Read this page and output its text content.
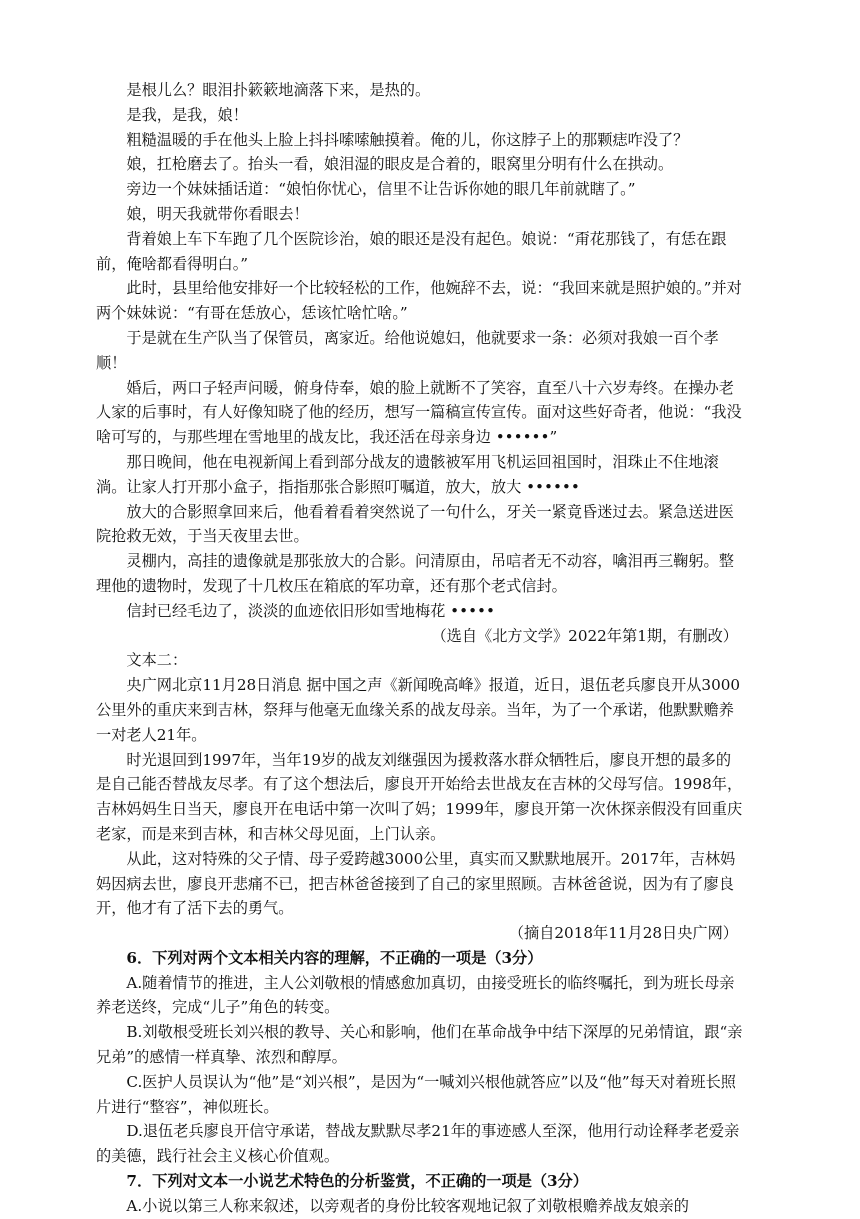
是根儿么？眼泪扑簌簌地滴落下来，是热的。

是我，是我，娘！

粗糙温暖的手在他头上脸上抖抖嗦嗦触摸着。俺的儿，你这脖子上的那颗痣咋没了？

娘，扛枪磨去了。抬头一看，娘泪湿的眼皮是合着的，眼窝里分明有什么在拱动。

旁边一个妹妹插话道：“娘怕你忧心，信里不让告诉你她的眼几年前就瞎了。”

娘，明天我就带你看眼去！

背着娘上车下车跑了几个医院诊治，娘的眼还是没有起色。娘说：“甭花那钱了，有恁在跟前，俺啥都看得明白。”

此时，县里给他安排好一个比较轻松的工作，他婉辞不去，说：“我回来就是照护娘的。”并对两个妹妹说：“有哥在恁放心，恁该忙啥忙啥。”

于是就在生产队当了保管员，离家近。给他说媳妇，他就要求一条：必须对我娘一百个孝顺！

婚后，两口子轻声问暖，俯身侍奉，娘的脸上就断不了笑容，直至八十六岁寿终。在操办老人家的后事时，有人好像知晓了他的经历，想写一篇稿宣传宣传。面对这些好奇者，他说：“我没啥可写的，与那些埋在雪地里的战友比，我还活在母亲身边 ••••••”

那日晚间，他在电视新闻上看到部分战友的遗骸被军用飞机运回祖国时，泪珠止不住地滚淌。让家人打开那小盒子，指指那张合影照叮嘱道，放大，放大 ••••••

放大的合影照拿回来后，他看着看着突然说了一句什么，牙关一紧竟昏迷过去。紧急送进医院抢救无效，于当天夜里去世。

灵棚内，高挂的遗像就是那张放大的合影。问清原由，吊唁者无不动容，噙泪再三鞠躬。整理他的遗物时，发现了十几枚压在箱底的军功章，还有那个老式信封。

信封已经毛边了，淡淡的血迹依旧形如雪地梅花 •••••

（选自《北方文学》2022年第1期，有删改）

文本二：

央广网北京11月28日消息 据中国之声《新闻晚高峰》报道，近日，退伍老兵廖良开从3000公里外的重庆来到吉林，祭拜与他毫无血缘关系的战友母亲。当年，为了一个承诺，他默默赡养一对老人21年。

时光退回到1997年，当年19岁的战友刘继强因为援救落水群众牺牲后，廖良开想的最多的是自己能否替战友尽孝。有了这个想法后，廖良开开始给去世战友在吉林的父母写信。1998年，吉林妈妈生日当天，廖良开在电话中第一次叫了妈；1999年，廖良开第一次休探亲假没有回重庆老家，而是来到吉林，和吉林父母见面，上门认亲。

从此，这对特殊的父子情、母子爱跨越3000公里，真实而又默默地展开。2017年，吉林妈妈因病去世，廖良开悲痛不已，把吉林爸爸接到了自己的家里照顾。吉林爸爸说，因为有了廖良开，他才有了活下去的勇气。

（摘自2018年11月28日央广网）

6．下列对两个文本相关内容的理解，不正确的一项是（3分）

A.随着情节的推进，主人公刘敬根的情感愈加真切，由接受班长的临终嘱托，到为班长母亲养老送终，完成“儿子”角色的转变。

B.刘敬根受班长刘兴根的教导、关心和影响，他们在革命战争中结下深厚的兄弟情谊，跟“亲兄弟”的感情一样真挚、浓烈和醇厚。

C.医护人员误认为“他”是“刘兴根”，是因为“一喊刘兴根他就答应”以及“他”每天对着班长照片进行“整容”，神似班长。

D.退伍老兵廖良开信守承诺，替战友默默尽孝21年的事迹感人至深，他用行动诠释孝老爱亲的美德，践行社会主义核心价值观。

7．下列对文本一小说艺术特色的分析鉴赏，不正确的一项是（3分）

A.小说以第三人称来叙述，以旁观者的身份比较客观地记叙了刘敬根赡养战友娘亲的
